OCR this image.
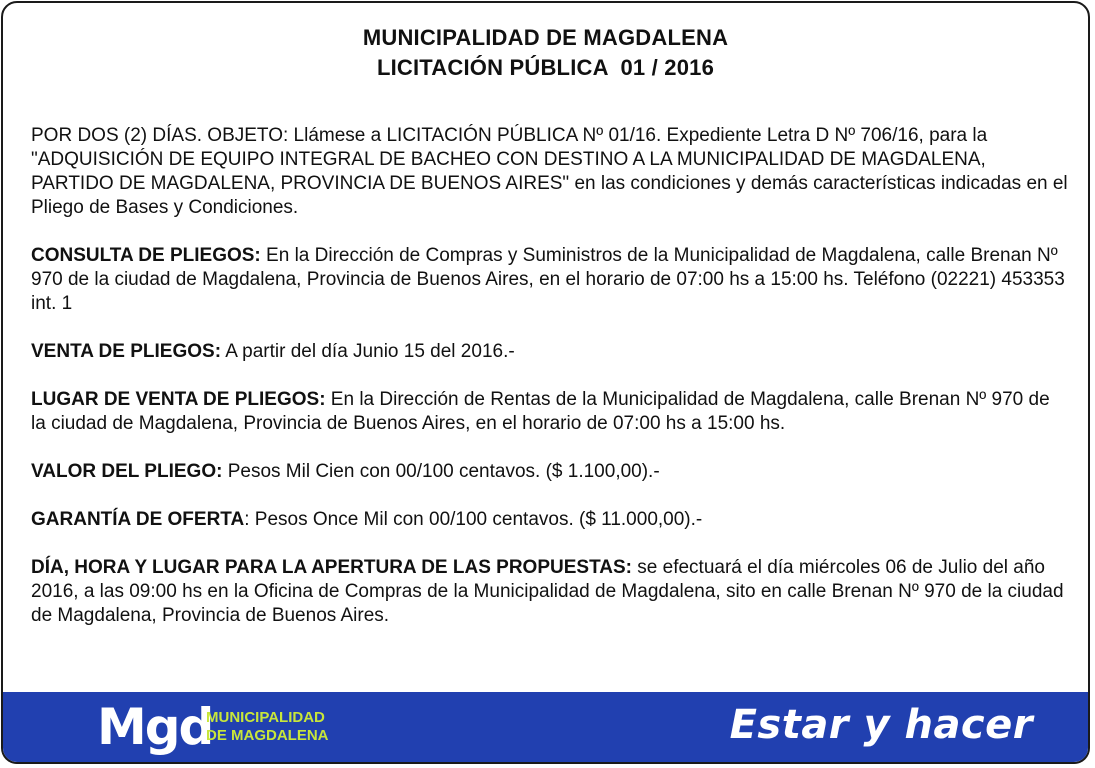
MUNICIPALIDAD DE MAGDALENA
LICITACIÓN PÚBLICA  01 / 2016

POR DOS (2) DÍAS. OBJETO: Llámese a LICITACIÓN PÚBLICA Nº 01/16. Expediente Letra D Nº 706/16, para la "ADQUISICIÓN DE EQUIPO INTEGRAL DE BACHEO CON DESTINO A LA MUNICIPALIDAD DE MAGDALENA, PARTIDO DE MAGDALENA, PROVINCIA DE BUENOS AIRES" en las condiciones y demás características indicadas en el Pliego de Bases y Condiciones.

CONSULTA DE PLIEGOS: En la Dirección de Compras y Suministros de la Municipalidad de Magdalena, calle Brenan Nº 970 de la ciudad de Magdalena, Provincia de Buenos Aires, en el horario de 07:00 hs a 15:00 hs. Teléfono (02221) 453353 int. 1

VENTA DE PLIEGOS: A partir del día Junio 15 del 2016.-

LUGAR DE VENTA DE PLIEGOS: En la Dirección de Rentas de la Municipalidad de Magdalena, calle Brenan Nº 970 de la ciudad de Magdalena, Provincia de Buenos Aires, en el horario de 07:00 hs a 15:00 hs.

VALOR DEL PLIEGO: Pesos Mil Cien con 00/100 centavos. ($ 1.100,00).-

GARANTÍA DE OFERTA: Pesos Once Mil con 00/100 centavos. ($ 11.000,00).-

DÍA, HORA Y LUGAR PARA LA APERTURA DE LAS PROPUESTAS: se efectuará el día miércoles 06 de Julio del año 2016, a las 09:00 hs en la Oficina de Compras de la Municipalidad de Magdalena, sito en calle Brenan Nº 970 de la ciudad de Magdalena, Provincia de Buenos Aires.

Mgd
MUNICIPALIDAD
DE MAGDALENA	Estar y hacer
